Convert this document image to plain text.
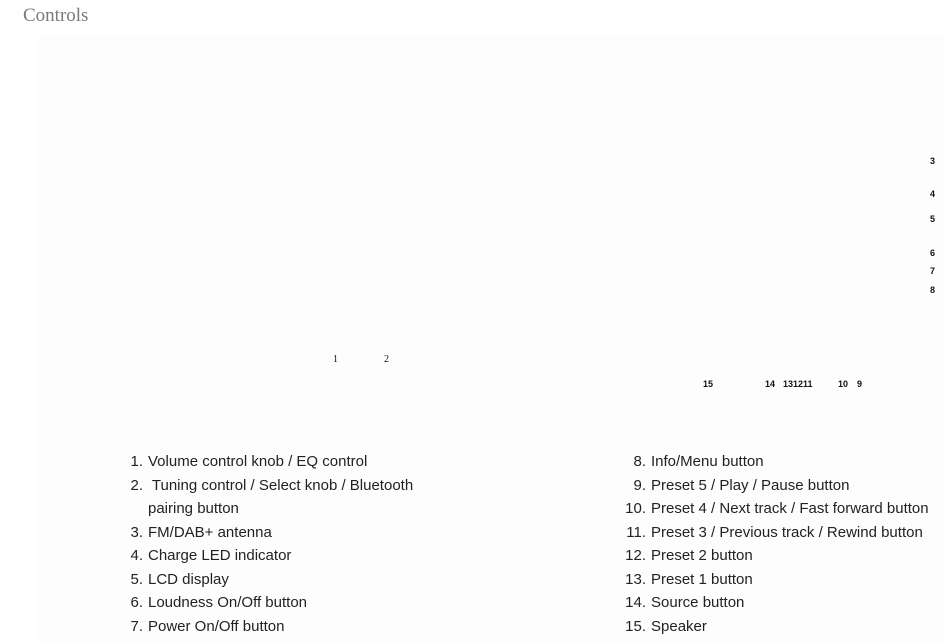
Controls
1	2
3
4
5
6
7
8
15	14 131211	10 9
1. Volume control knob / EQ control
2. Tuning control / Select knob / Bluetooth
pairing button
3. FM/DAB+ antenna
4. Charge LED indicator
5. LCD display
6. Loudness On/Off button
7. Power On/Off button
8. Info/Menu button
9. Preset 5 / Play / Pause button
10. Preset 4 / Next track / Fast forward button
11. Preset 3 / Previous track / Rewind button
12. Preset 2 button
13. Preset 1 button
14. Source button
15. Speaker
